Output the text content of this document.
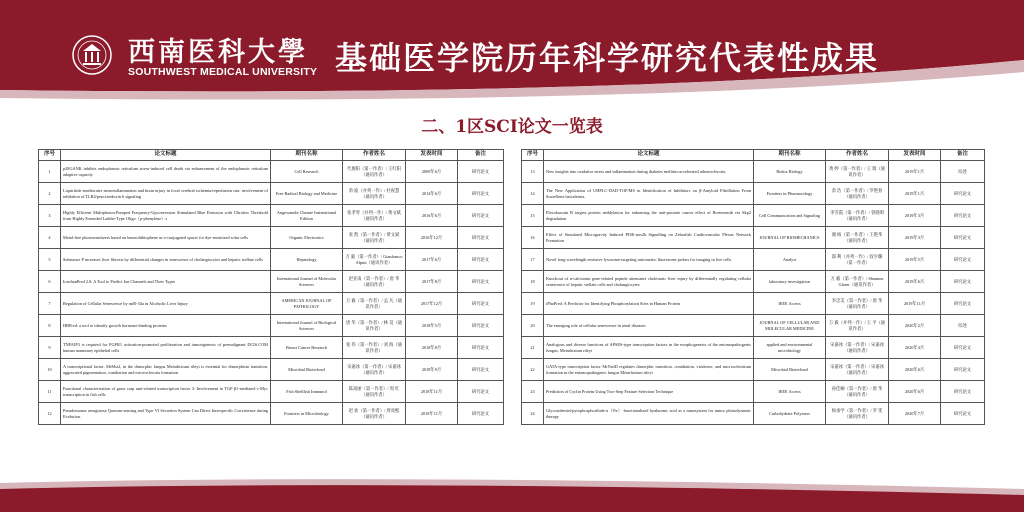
西南医科大學
SOUTHWEST MEDICAL UNIVERSITY 基础医学院历年科学研究代表性成果
二、1区SCI论文一览表
序号	论文标题	期刊名称	作者姓名	发表时间	备注
1	p28GANK inhibits endoplasmic reticulum stress-induced cell death via enhancement of the endoplasmic reticulum adaptive capacity	Cell Research	代俊阳（第一作者）/ 王红阳（通讯作者）	2009年6月	研究论文
2	Liquiritide ameliorates neuroinflammation and brain injury in focal cerebral ischemia/reperfusion rats: involvement of inhibition of TLR4/peroxiredoxin 6 signaling	Free Radical Biology and Medicine	余 波（并列一作）/ 杜祝慧（通讯作者）	2014年6月	研究论文
3	Highly Efficient Multiphoton-Pumped Frequency-Upconversion Stimulated Blue Emission with Ultralow Threshold from Highly Extended Ladder-Type Oligo（p-phenylene）s	Angewandte Chemie International Edition	张孝琴（并列一作）/ 黄文斌（通讯作者）	2016年6月	研究论文
4	Metal-free photosensitizers based on benzodithiophene as π-conjugated spacer for dye-sensitized solar cells	Organic Electronics	张 凯（第一作者）/ 黄文斌（通讯作者）	2016年12月	研究论文
5	Substance P increases liver fibrosis by differential changes in senescence of cholangiocytes and hepatic stellate cells	Hepatology	万 毅（第一作者）/ Gianfranco Alpini（通讯作者）	2017年6月	研究论文
6	IonchanPred 2.0: A Tool to Predict Ion Channels and Their Types	International Journal of Molecular Sciences	赵亚南（第一作者）/ 唐 华（通讯作者）	2017年8月	研究论文
7	Regulation of Cellular Senescence by miR-34a in Alcoholic Liver Injury	AMERICAN JOURNAL OF PATHOLOGY	万 毅（第一作者）/ 孟 凡（通讯作者）	2017年12月	研究论文
8	HBPred: a tool to identify growth hormone-binding proteins	International Journal of Biological Sciences	唐 华（第一作者）/ 林 昊（通讯作者）	2018年5月	研究论文
9	TNFAIP3 is required for FGFR1 activation-promoted proliferation and tumorigenesis of premalignant DCIS.COM human mammary epithelial cells	Breast Cancer Research	张 伟（第一作者）/ 刘 海（通讯作者）	2018年8月	研究论文
10	A transcriptional factor, MrMst2, in the dimorphic fungus Metarhizium rileyi is essential for dimorphism transition, aggravated pigmentation, conidiation and microsclerotia formation	Microbial Biotechnol	宋嘉冰（第一作者）/ 宋嘉冰（通讯作者）	2018年9月	研究论文
11	Functional characterization of grass carp runt-related transcription factor 3: Involvement in TGF-β1-mediated c-Myc transcription in fish cells	Fish Shellfish Immunol	陈富丽（第一作者）/ 周 红（通讯作者）	2018年11月	研究论文
12	Pseudomonas aeruginosa Quorum-sensing and Type VI Secretion System Can Direct Interspecific Coexistence during Evolution.	Frontiers in Microbiology	赵 欢（第一作者）/ 周亮熙（通讯作者）	2018年11月	研究论文
序号	论文标题	期刊名称	作者姓名	发表时间	备注
13	New insights into oxidative stress and inflammation during diabetes mellitus-accelerated atherosclerosis.	Redox Biology	黄 婷（第一作者）/ 王 瑞（通讯作者）	2019年1月	综述
14	The New Application of UHPLC-DAD-TOF/MS in Identification of Inhibitors on β-Amyloid Fibrillation From Scutellaria baicalensis.	Frontiers in Pharmacology	余 浩（第一作者）/ 罗艳春（通讯作者）	2019年1月	研究论文
15	Flavokawain B targets protein neddylation for enhancing the anti-prostate cancer effect of Bortezomib via Skp2 degradation	Cell Communication and Signaling	李雪霞（第一作者）/ 曾晓明（通讯作者）	2019年3月	研究论文
16	Effect of Simulated Microgravity Induced PI3K-nos2b Signalling on Zebrafish Cardiovascular Plexus Network Formation	JOURNAL OF BIOMECHANICS	谢 杨（第一作者）/ 王艳华（通讯作者）	2019年3月	研究论文
17	Novel long-wavelength emissive lysosome-targeting ratiometric fluorescent probes for imaging in live cells	Analyst	邵 利（并列一作）/ 叔少璐（第一作者）	2019年5月	研究论文
18	Knockout of α-calcitonin gene-related peptide attenuates cholestatic liver injury by differentially regulating cellular senescence of hepatic stellate cells and cholangiocytes	laboratory investigation	万 毅（第一作者）/ Shannon Glaser（通讯作者）	2019年6月	研究论文
19	iPhoPred: A Predictor for Identifying Phosphorylation Sites in Human Protein	IEEE Access	李忠美（第一作者）/ 唐 华（通讯作者）	2019年11月	研究论文
20	The emerging role of cellular senescence in renal diseases	JOURNAL OF CELLULAR AND MOLECULAR MEDICINE	万 毅（并列一作）/ 王 平（通讯作者）	2020年2月	综述
21	Analogous and diverse functions of APSES-type transcription factors in the morphogenesis of the entomopathogenic fungus, Metarhizium rileyi	applied and environmental microbiology	宋嘉冰（第一作者）/ 宋嘉冰（通讯作者）	2020年4月	研究论文
22	GATA-type transcription factor MrNsdD regulates dimorphic transition, conidiation, virulence, and microsclerotium formation in the entomopathogenic fungus Metarhizium rileyi	Microbial Biotechnol	宋嘉冰（第一作者）/ 宋嘉冰（通讯作者）	2020年6月	研究论文
23	Prediction of Cyclin Protein Using Two-Step Feature Selection Technique	IEEE Access	孙佳娴（第一作者）/ 唐 华（通讯作者）	2020年6月	研究论文
24	Glycosidemiet/pyrophosphorthide-a（Pa）-functionalized hyaluronic acid as a nanosystem for tumor photodynamic therapy	Carbohydrate Polymers	杨承学（第一作者）/ 罗 雯（通讯作者）	2020年7月	研究论文
